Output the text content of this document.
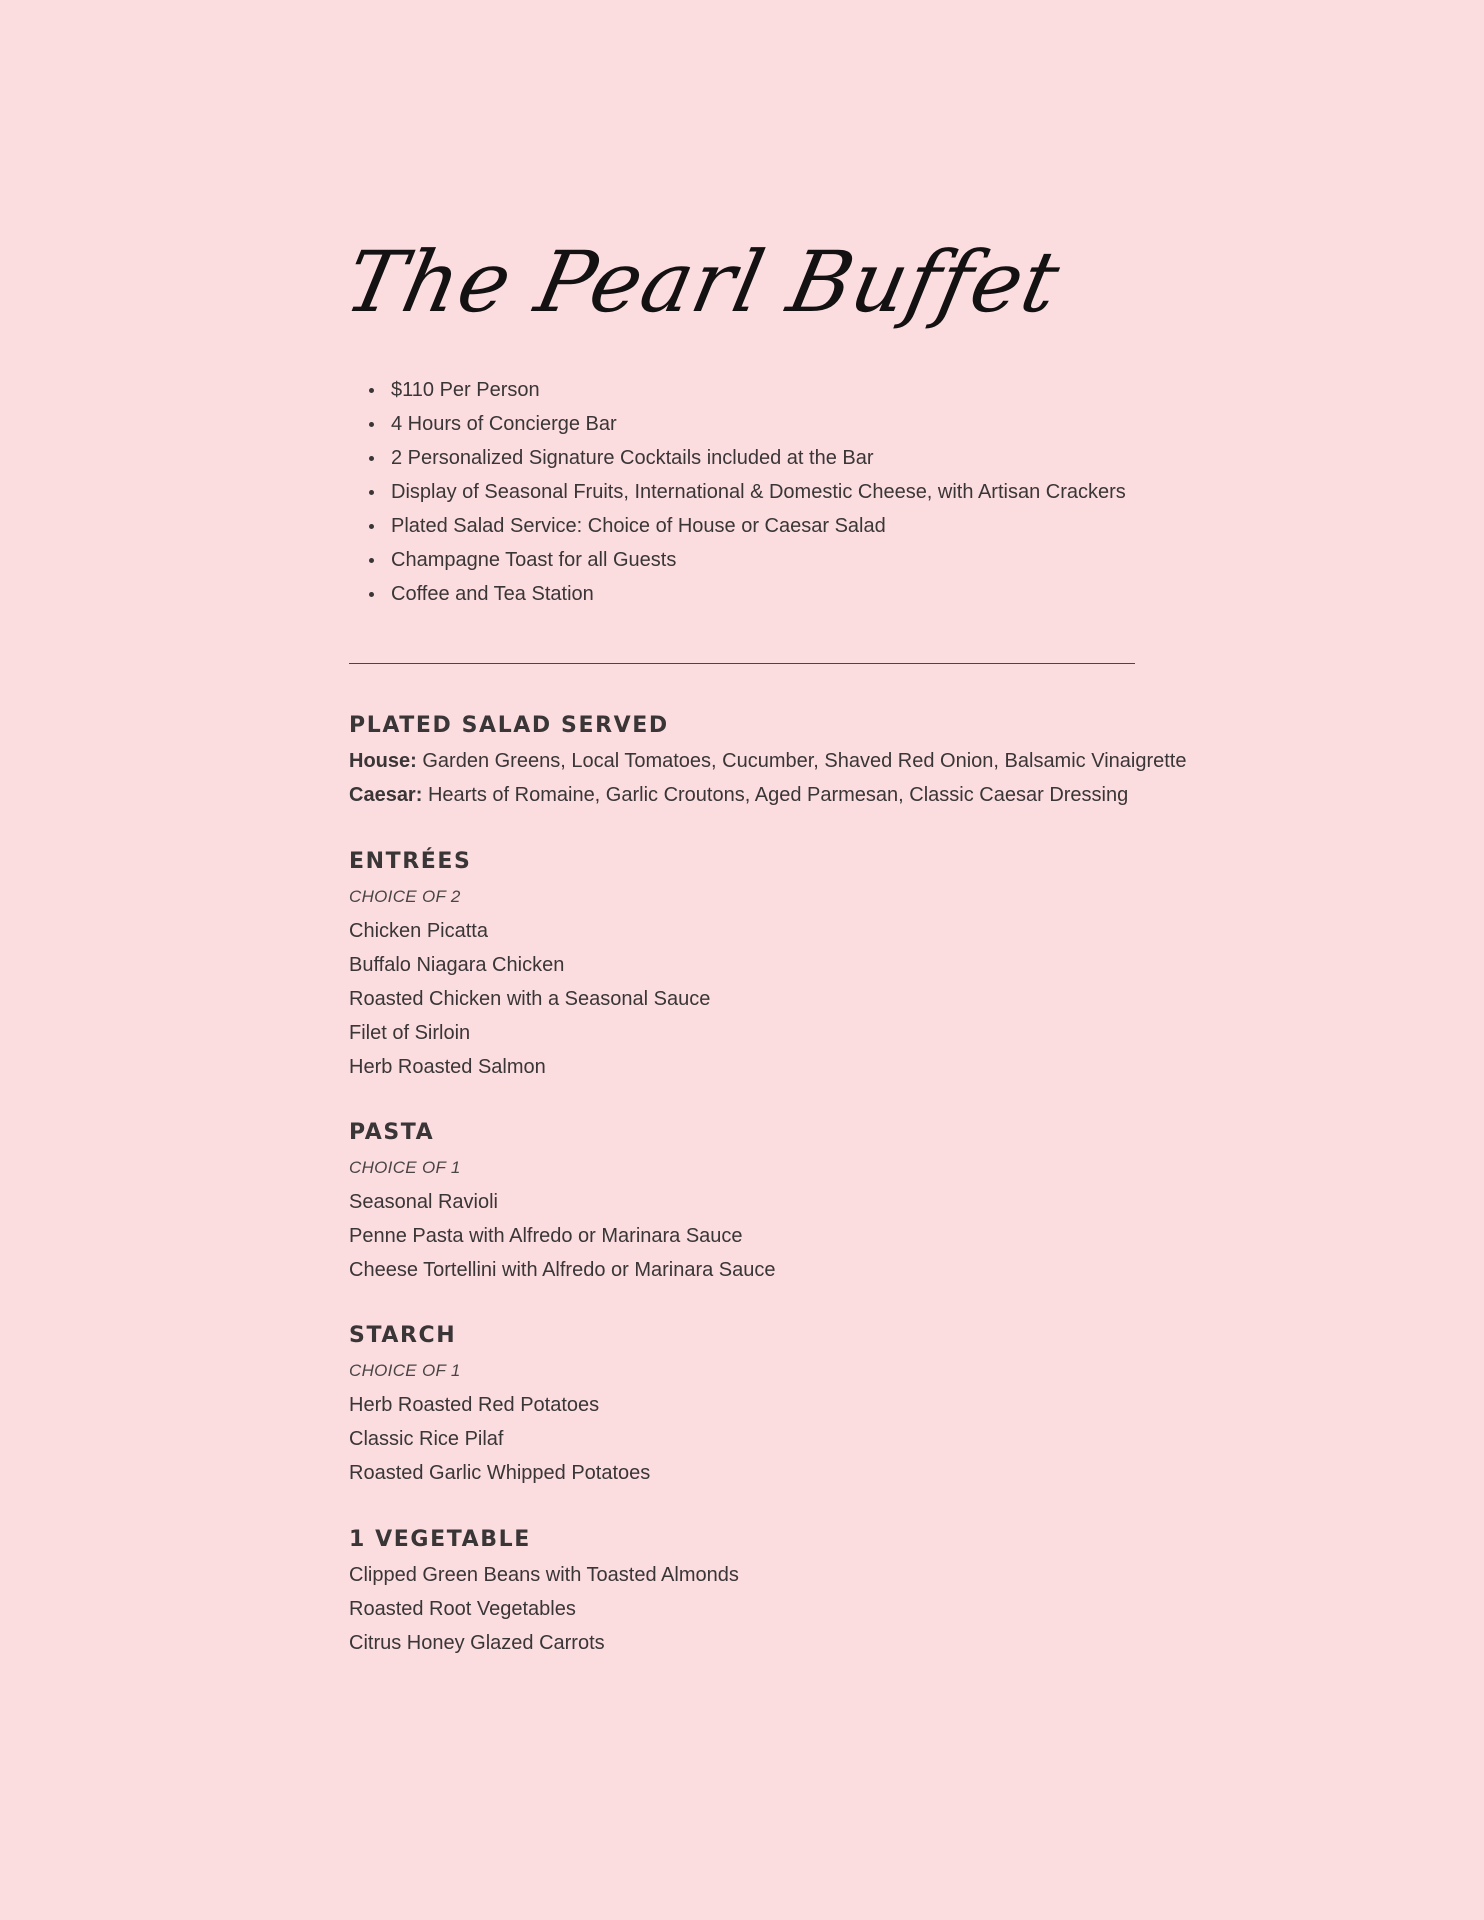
The Pearl Buffet
$110 Per Person
4 Hours of Concierge Bar
2 Personalized Signature Cocktails included at the Bar
Display of Seasonal Fruits, International & Domestic Cheese, with Artisan Crackers
Plated Salad Service: Choice of House or Caesar Salad
Champagne Toast for all Guests
Coffee and Tea Station
PLATED SALAD SERVED
House: Garden Greens, Local Tomatoes, Cucumber, Shaved Red Onion, Balsamic Vinaigrette
Caesar: Hearts of Romaine, Garlic Croutons, Aged Parmesan, Classic Caesar Dressing
ENTRÉES
CHOICE OF 2
Chicken Picatta
Buffalo Niagara Chicken
Roasted Chicken with a Seasonal Sauce
Filet of Sirloin
Herb Roasted Salmon
PASTA
CHOICE OF 1
Seasonal Ravioli
Penne Pasta with Alfredo or Marinara Sauce
Cheese Tortellini with Alfredo or Marinara Sauce
STARCH
CHOICE OF 1
Herb Roasted Red Potatoes
Classic Rice Pilaf
Roasted Garlic Whipped Potatoes
1 VEGETABLE
Clipped Green Beans with Toasted Almonds
Roasted Root Vegetables
Citrus Honey Glazed Carrots
